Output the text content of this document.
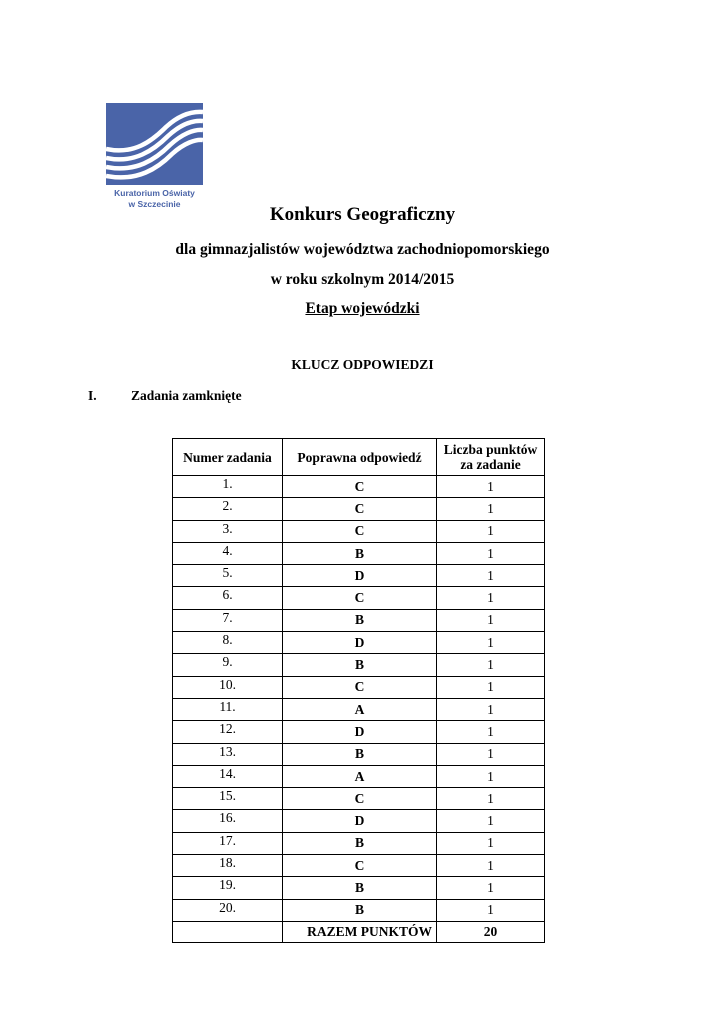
Kuratorium Oświaty
w Szczecinie	Konkurs Geograficzny
dla gimnazjalistów województwa zachodniopomorskiego
w roku szkolnym 2014/2015
Etap wojewódzki
KLUCZ ODPOWIEDZI
I.	Zadania zamknięte
Numer zadania	Poprawna odpowiedź	Liczba punktów za zadanie
1.	C	1
2.	C	1
3.	C	1
4.	B	1
5.	D	1
6.	C	1
7.	B	1
8.	D	1
9.	B	1
10.	C	1
11.	A	1
12.	D	1
13.	B	1
14.	A	1
15.	C	1
16.	D	1
17.	B	1
18.	C	1
19.	B	1
20.	B	1
	RAZEM PUNKTÓW	20
